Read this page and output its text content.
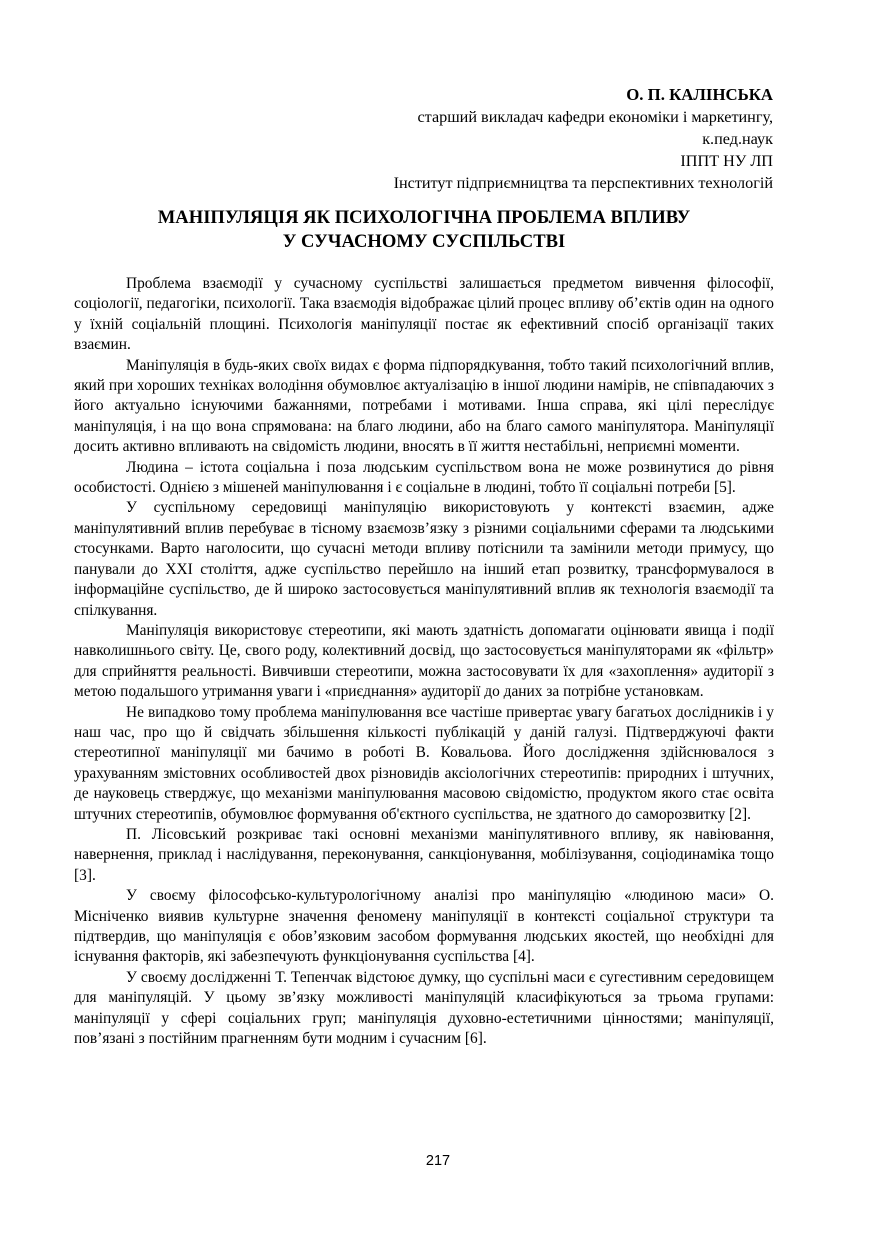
О. П. КАЛІНСЬКА
старший викладач кафедри економіки і маркетингу,
к.пед.наук
ІППТ НУ ЛП
Інститут підприємництва та перспективних технологій
МАНІПУЛЯЦІЯ ЯК ПСИХОЛОГІЧНА ПРОБЛЕМА ВПЛИВУ
У СУЧАСНОМУ СУСПІЛЬСТВІ

Проблема взаємодії у сучасному суспільстві залишається предметом вивчення філософії, соціології, педагогіки, психології. Така взаємодія відображає цілий процес впливу об’єктів один на одного у їхній соціальній площині. Психологія маніпуляції постає як ефективний спосіб організації таких взаємин.

Маніпуляція в будь-яких своїх видах є форма підпорядкування, тобто такий психологічний вплив, який при хороших техніках володіння обумовлює актуалізацію в іншої людини намірів, не співпадаючих з його актуально існуючими бажаннями, потребами і мотивами. Інша справа, які цілі переслідує маніпуляція, і на що вона спрямована: на благо людини, або на благо самого маніпулятора. Маніпуляції досить активно впливають на свідомість людини, вносять в її життя нестабільні, неприємні моменти.

Людина – істота соціальна і поза людським суспільством вона не може розвинутися до рівня особистості. Однією з мішеней маніпулювання і є соціальне в людині, тобто її соціальні потреби [5].

У суспільному середовищі маніпуляцію використовують у контексті взаємин, адже маніпулятивний вплив перебуває в тісному взаємозв’язку з різними соціальними сферами та людськими стосунками. Варто наголосити, що сучасні методи впливу потіснили та замінили методи примусу, що панували до ХХІ століття, адже суспільство перейшло на інший етап розвитку, трансформувалося в інформаційне суспільство, де й широко застосовується маніпулятивний вплив як технологія взаємодії та спілкування.

Маніпуляція використовує стереотипи, які мають здатність допомагати оцінювати явища і події навколишнього світу. Це, свого роду, колективний досвід, що застосовується маніпуляторами як «фільтр» для сприйняття реальності. Вивчивши стереотипи, можна застосовувати їх для «захоплення» аудиторії з метою подальшого утримання уваги і «приєднання» аудиторії до даних за потрібне установкам.

Не випадково тому проблема маніпулювання все частіше привертає увагу багатьох дослідників і у наш час, про що й свідчать збільшення кількості публікацій у даній галузі. Підтверджуючі факти стереотипної маніпуляції ми бачимо в роботі В. Ковальова. Його дослідження здійснювалося з урахуванням змістовних особливостей двох різновидів аксіологічних стереотипів: природних і штучних, де науковець стверджує, що механізми маніпулювання масовою свідомістю, продуктом якого стає освіта штучних стереотипів, обумовлює формування об'єктного суспільства, не здатного до саморозвитку [2].

П. Лісовський розкриває такі основні механізми маніпулятивного впливу, як навіювання, навернення, приклад і наслідування, переконування, санкціонування, мобілізування, соціодинаміка тощо [3].

У своєму філософсько-культурологічному аналізі про маніпуляцію «людиною маси» О. Місніченко виявив культурне значення феномену маніпуляції в контексті соціальної структури та підтвердив, що маніпуляція є обов’язковим засобом формування людських якостей, що необхідні для існування факторів, які забезпечують функціонування суспільства [4].

У своєму дослідженні Т. Тепенчак відстоює думку, що суспільні маси є сугестивним середовищем для маніпуляцій. У цьому зв’язку можливості маніпуляцій класифікуються за трьома групами: маніпуляції у сфері соціальних груп; маніпуляція духовно-естетичними цінностями; маніпуляції, пов’язані з постійним прагненням бути модним і сучасним [6].

217
